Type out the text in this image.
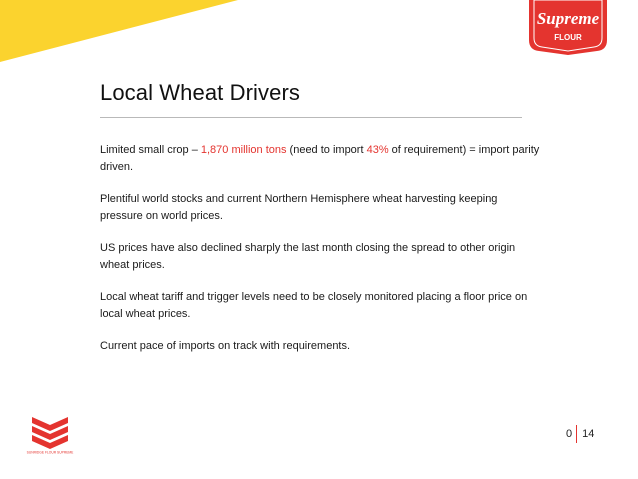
Supreme
FLOUR
Local Wheat Drivers

Limited small crop – 1,870 million tons (need to import 43% of requirement) = import parity driven.

Plentiful world stocks and current Northern Hemisphere wheat harvesting keeping pressure on world prices.

US prices have also declined sharply the last month closing the spread to other origin wheat prices.

Local wheat tariff and trigger levels need to be closely monitored placing a floor price on local wheat prices.

Current pace of imports on track with requirements.

SUNRIDGE FLOUR SUPREME
0 14
